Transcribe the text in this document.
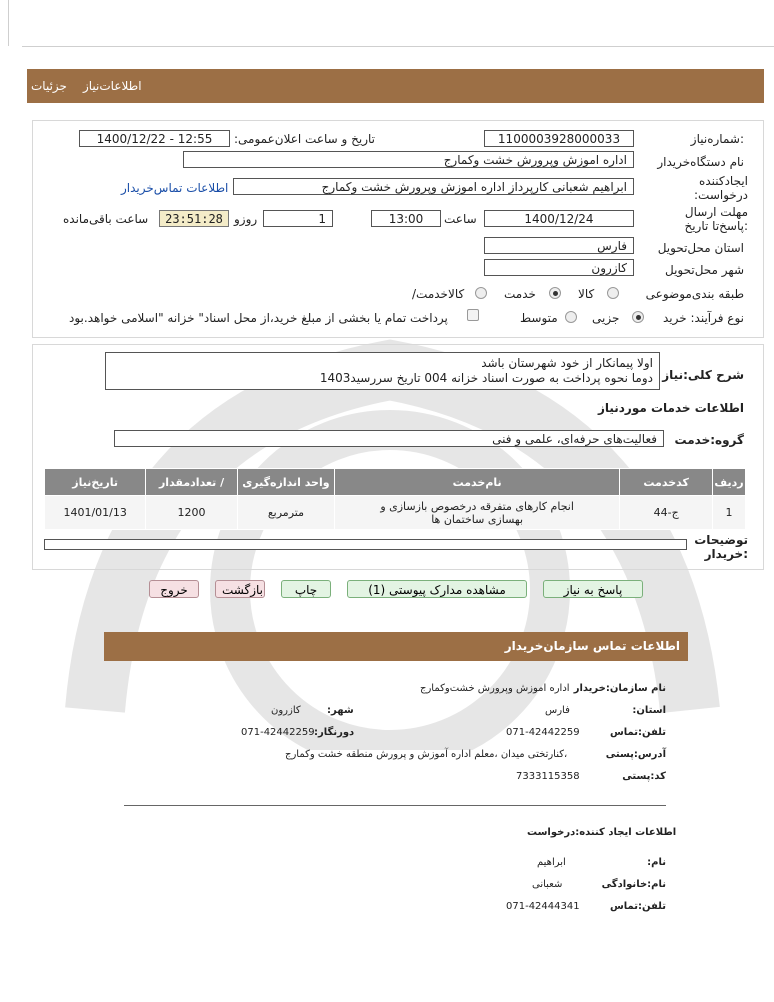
جزئیات اطلاعات‌نیاز
شماره‌نیاز:
1100003928000033
تاریخ و ساعت اعلان‌عمومی:
1400/12/22 - 12:55
نام دستگاه‌خریدار
اداره اموزش وپرورش خشت وکمارج
ایجادکننده درخواست:
ابراهیم شعبانی کارپرداز اداره اموزش وپرورش خشت وکمارج
اطلاعات تماس‌خریدار
مهلت ارسال :پاسخ‌تا تاریخ
1400/12/24
ساعت
13:00
1
روزو
23:51:28
ساعت باقی‌مانده
استان محل‌تحویل
فارس
شهر محل‌تحویل
کازرون
طبقه بندی‌موضوعی
کالا
خدمت
/کالاخدمت
نوع فرآیند: خرید
جزیی
متوسط
پرداخت تمام یا بخشی از مبلغ خرید،از محل اسناد" خزانه "اسلامی خواهد.بود
شرح کلی:نیاز
اولا پیمانکار از خود شهرستان باشد
دوما نحوه پرداخت به صورت اسناد خزانه 004 تاریخ سررسید1403
اطلاعات خدمات موردنیاز
گروه:خدمت
فعالیت‌های حرفه‌ای، علمی و فنی
ردیف	کدخدمت	نام‌خدمت	واحد اندازه‌گیری	/ تعدادمقدار	تاریخ‌نیاز
1	ج-44	انجام کارهای متفرقه درخصوص بازسازی و بهسازی ساختمان ها	مترمربع	1200	1401/01/13
توضیحات :خریدار
پاسخ به نیاز
مشاهده مدارک پیوستی (1)
چاپ
بازگشت
خروج
اطلاعات تماس سازمان‌خریدار
نام سازمان:خریدار
اداره اموزش وپرورش خشت‌وکمارج
:استان
فارس
:شهر
کازرون
تلفن:تماس
071-42442259
:دورنگار
071-42442259
آدرس:پستی
،کنارتختی میدان ،معلم اداره آموزش و پرورش منطقه خشت وکمارج
کد:پستی
7333115358
اطلاعات ایجاد کننده:درخواست
:نام
ابراهیم
نام:خانوادگی
شعبانی
تلفن:تماس
071-42444341
